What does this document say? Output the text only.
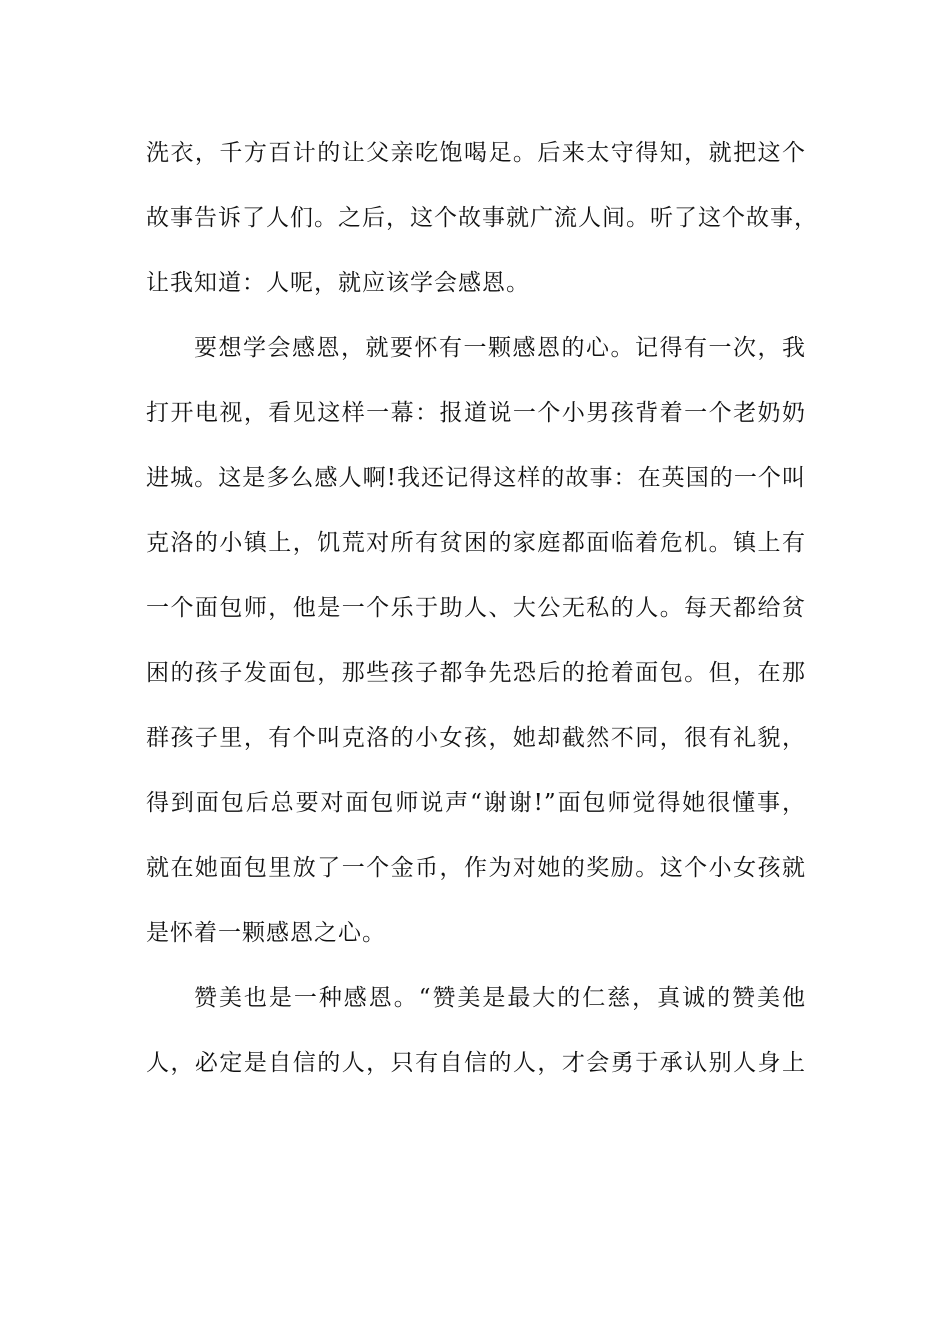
洗衣，千方百计的让父亲吃饱喝足。后来太守得知，就把这个
故事告诉了人们。之后，这个故事就广流人间。听了这个故事，
让我知道：人呢，就应该学会感恩。
要想学会感恩，就要怀有一颗感恩的心。记得有一次，我
打开电视，看见这样一幕：报道说一个小男孩背着一个老奶奶
进城。这是多么感人啊!我还记得这样的故事：在英国的一个叫
克洛的小镇上，饥荒对所有贫困的家庭都面临着危机。镇上有
一个面包师，他是一个乐于助人、大公无私的人。每天都给贫
困的孩子发面包，那些孩子都争先恐后的抢着面包。但，在那
群孩子里，有个叫克洛的小女孩，她却截然不同，很有礼貌，
得到面包后总要对面包师说声“谢谢!”面包师觉得她很懂事，
就在她面包里放了一个金币，作为对她的奖励。这个小女孩就
是怀着一颗感恩之心。
赞美也是一种感恩。“赞美是最大的仁慈，真诚的赞美他
人，必定是自信的人，只有自信的人，才会勇于承认别人身上
